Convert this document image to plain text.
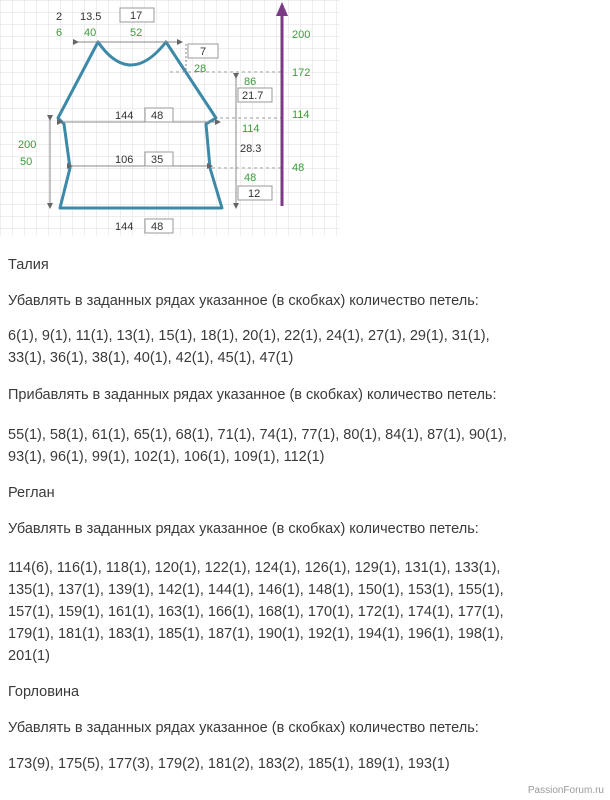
2 13.5	17
6 40	52
7
28
86
21.7
114
28.3
48
12
200
172
114
48
200
50
144 48
106 35
144 48

Талия

Убавлять в заданных рядах указанное (в скобках) количество петель:

6(1), 9(1), 11(1), 13(1), 15(1), 18(1), 20(1), 22(1), 24(1), 27(1), 29(1), 31(1),

33(1), 36(1), 38(1), 40(1), 42(1), 45(1), 47(1)

Прибавлять в заданных рядах указанное (в скобках) количество петель:

55(1), 58(1), 61(1), 65(1), 68(1), 71(1), 74(1), 77(1), 80(1), 84(1), 87(1), 90(1),

93(1), 96(1), 99(1), 102(1), 106(1), 109(1), 112(1)

Реглан

Убавлять в заданных рядах указанное (в скобках) количество петель:

114(6), 116(1), 118(1), 120(1), 122(1), 124(1), 126(1), 129(1), 131(1), 133(1),

135(1), 137(1), 139(1), 142(1), 144(1), 146(1), 148(1), 150(1), 153(1), 155(1),

157(1), 159(1), 161(1), 163(1), 166(1), 168(1), 170(1), 172(1), 174(1), 177(1),

179(1), 181(1), 183(1), 185(1), 187(1), 190(1), 192(1), 194(1), 196(1), 198(1),

201(1)

Горловина

Убавлять в заданных рядах указанное (в скобках) количество петель:

173(9), 175(5), 177(3), 179(2), 181(2), 183(2), 185(1), 189(1), 193(1)

PassionForum.ru
